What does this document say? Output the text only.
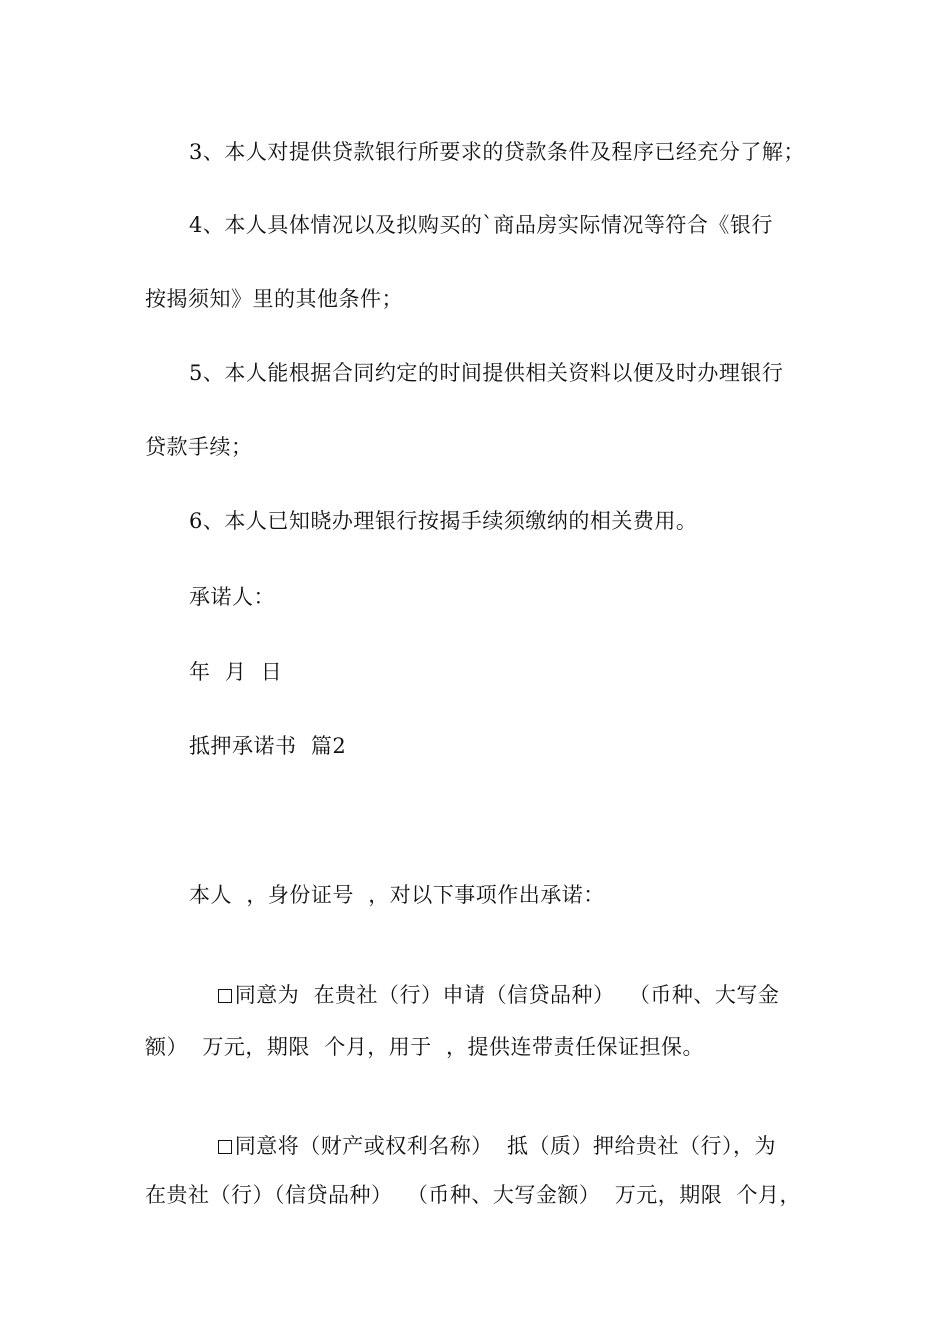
3、本人对提供贷款银行所要求的贷款条件及程序已经充分了解；
4、本人具体情况以及拟购买的`商品房实际情况等符合《银行
按揭须知》里的其他条件；
5、本人能根据合同约定的时间提供相关资料以便及时办理银行
贷款手续；
6、本人已知晓办理银行按揭手续须缴纳的相关费用。
承诺人：
年  月  日
抵押承诺书  篇2
本人  ，身份证号  ，对以下事项作出承诺：

同意为  在贵社（行）申请（信贷品种）  （币种、大写金

额）  万元，期限  个月，用于  ，提供连带责任保证担保。

同意将（财产或权利名称）  抵（质）押给贵社（行），为

在贵社（行）（信贷品种）  （币种、大写金额）  万元，期限  个月，
